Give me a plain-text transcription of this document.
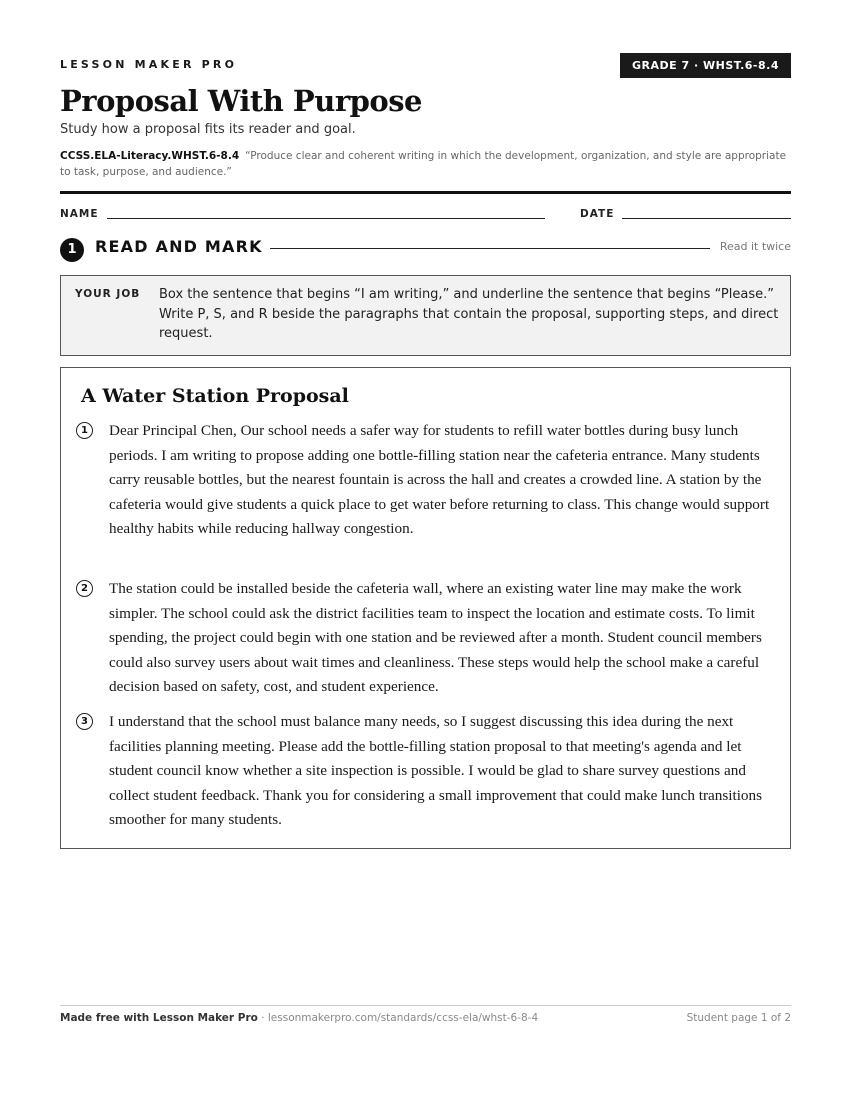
LESSON MAKER PRO	GRADE 7 · WHST.6-8.4
Proposal With Purpose
Study how a proposal fits its reader and goal.
CCSS.ELA-Literacy.WHST.6-8.4 “Produce clear and coherent writing in which the development, organization, and style are appropriate to task, purpose, and audience.”
NAME	DATE
1	READ AND MARK	Read it twice
YOUR JOB Box the sentence that begins “I am writing,” and underline the sentence that begins “Please.” Write P, S, and R beside the paragraphs that contain the proposal, supporting steps, and direct request.
A Water Station Proposal
1	Dear Principal Chen, Our school needs a safer way for students to refill water bottles during busy lunch periods. I am writing to propose adding one bottle-filling station near the cafeteria entrance. Many students carry reusable bottles, but the nearest fountain is across the hall and creates a crowded line. A station by the cafeteria would give students a quick place to get water before returning to class. This change would support healthy habits while reducing hallway congestion.

2	The station could be installed beside the cafeteria wall, where an existing water line may make the work simpler. The school could ask the district facilities team to inspect the location and estimate costs. To limit spending, the project could begin with one station and be reviewed after a month. Student council members could also survey users about wait times and cleanliness. These steps would help the school make a careful decision based on safety, cost, and student experience.

3	I understand that the school must balance many needs, so I suggest discussing this idea during the next facilities planning meeting. Please add the bottle-filling station proposal to that meeting's agenda and let student council know whether a site inspection is possible. I would be glad to share survey questions and collect student feedback. Thank you for considering a small improvement that could make lunch transitions smoother for many students.

Made free with Lesson Maker Pro · lessonmakerpro.com/standards/ccss-ela/whst-6-8-4	Student page 1 of 2
